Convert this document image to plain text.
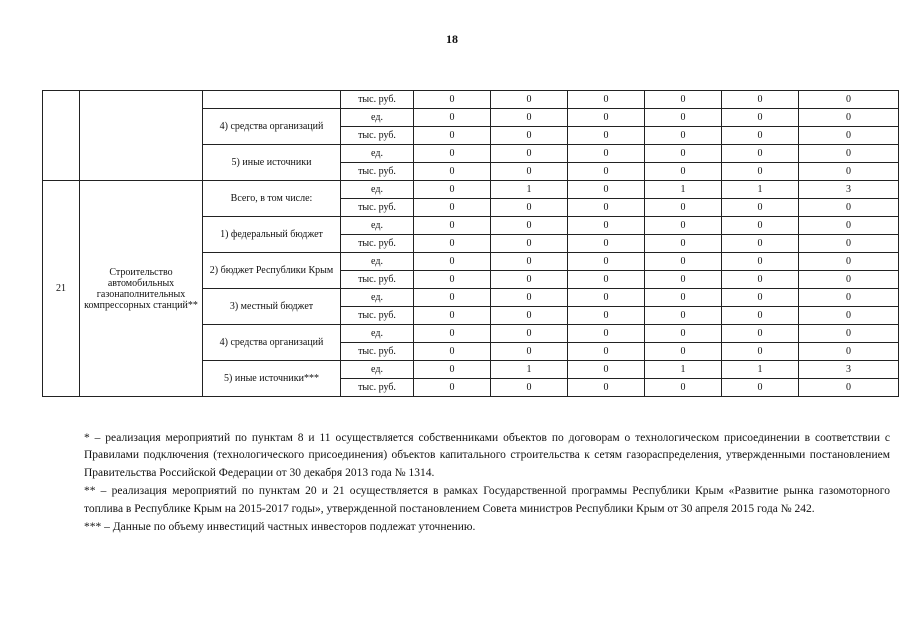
18
			тыс. руб.	0	0	0	0	0	0
		4) средства организаций	ед.	0	0	0	0	0	0
			тыс. руб.	0	0	0	0	0	0
		5) иные источники	ед.	0	0	0	0	0	0
			тыс. руб.	0	0	0	0	0	0
21	Строительство автомобильных газонаполнительных компрессорных станций**	Всего, в том числе:	ед.	0	1	0	1	1	3
			тыс. руб.	0	0	0	0	0	0
		1) федеральный бюджет	ед.	0	0	0	0	0	0
			тыс. руб.	0	0	0	0	0	0
		2) бюджет Республики Крым	ед.	0	0	0	0	0	0
			тыс. руб.	0	0	0	0	0	0
		3) местный бюджет	ед.	0	0	0	0	0	0
			тыс. руб.	0	0	0	0	0	0
		4) средства организаций	ед.	0	0	0	0	0	0
			тыс. руб.	0	0	0	0	0	0
		5) иные источники***	ед.	0	1	0	1	1	3
			тыс. руб.	0	0	0	0	0	0

* – реализация мероприятий по пунктам 8 и 11 осуществляется собственниками объектов по договорам о технологическом присоединении в соответствии с Правилами подключения (технологического присоединения) объектов капитального строительства к сетям газораспределения, утвержденными постановлением Правительства Российской Федерации от 30 декабря 2013 года № 1314.

** – реализация мероприятий по пунктам 20 и 21 осуществляется в рамках Государственной программы Республики Крым «Развитие рынка газомоторного топлива в Республике Крым на 2015-2017 годы», утвержденной постановлением Совета министров Республики Крым от 30 апреля 2015 года № 242.

*** – Данные по объему инвестиций частных инвесторов подлежат уточнению.
